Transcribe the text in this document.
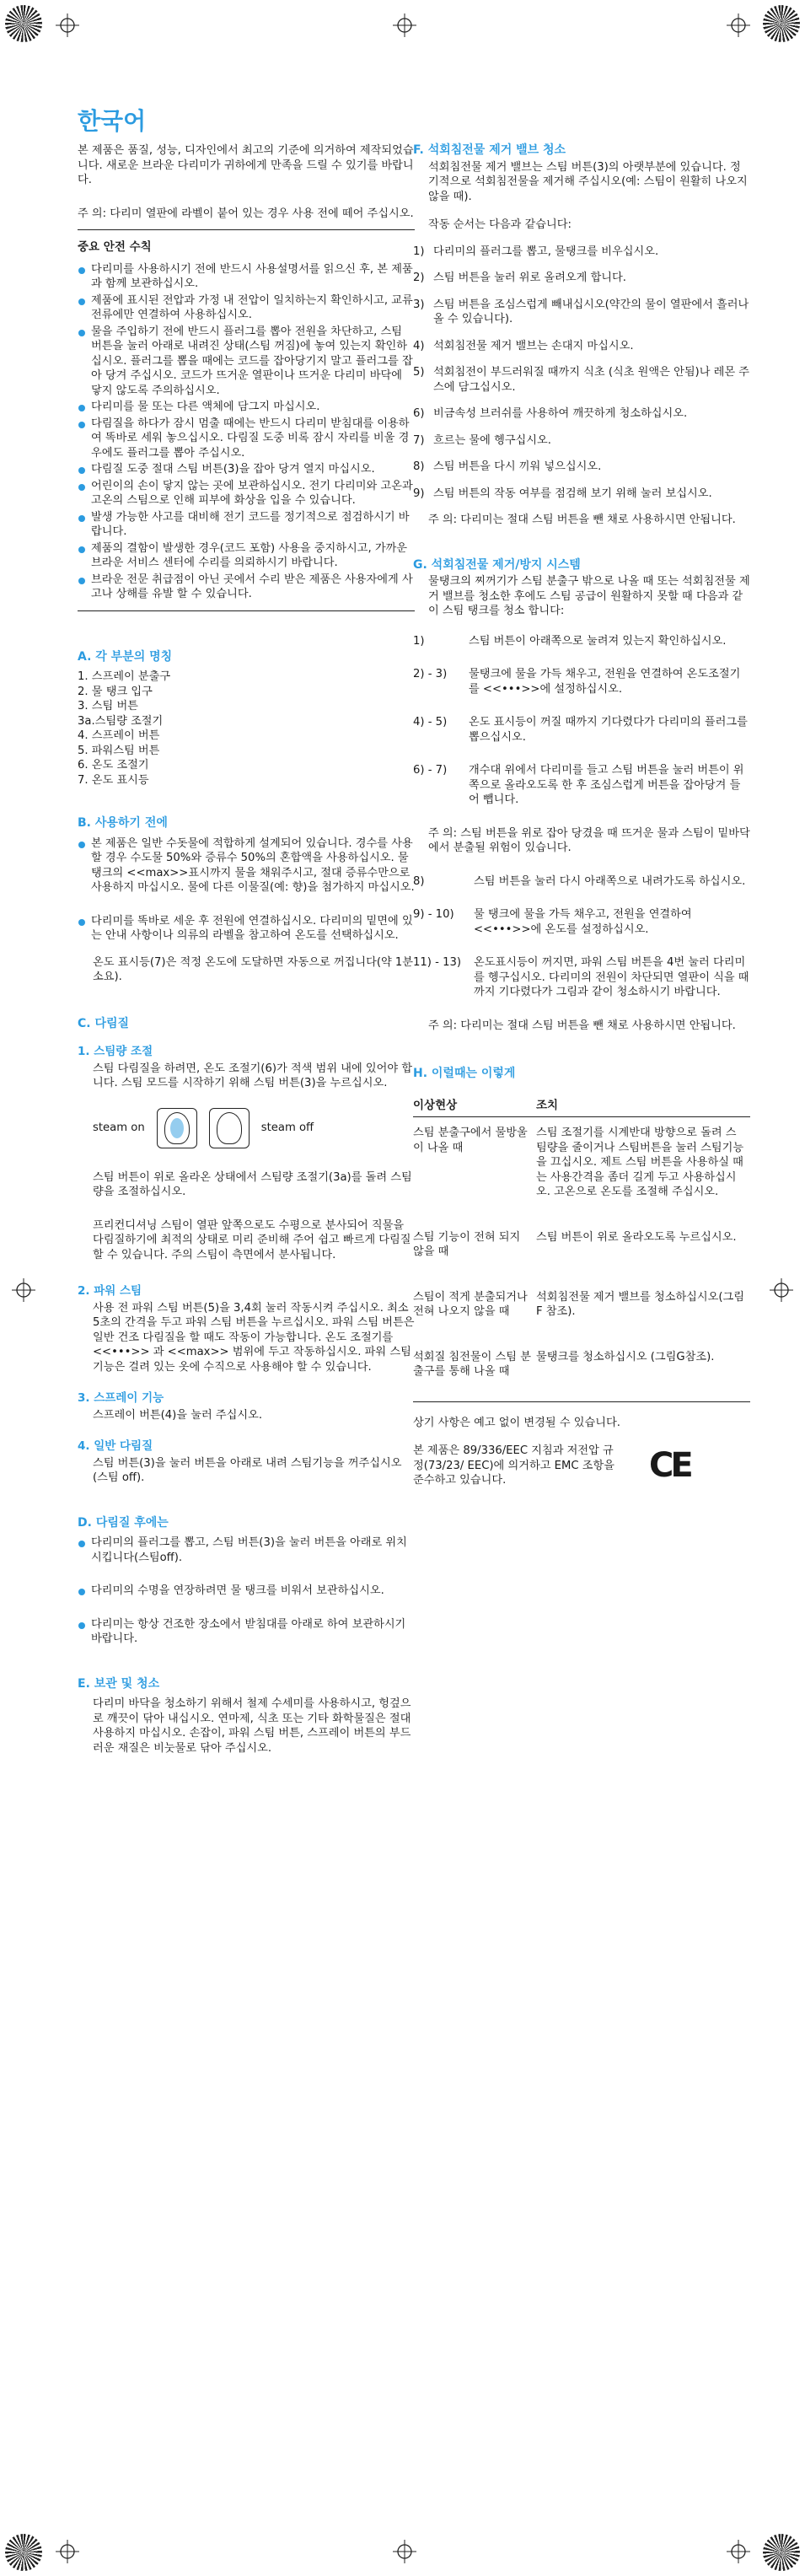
한국어

본 제품은 품질, 성능, 디자인에서 최고의 기준에 의거하여 제작되었습니다. 새로운 브라운 다리미가 귀하에게 만족을 드릴 수 있기를 바랍니다.

주 의: 다리미 열판에 라벨이 붙어 있는 경우 사용 전에 떼어 주십시오.

중요 안전 수칙
다리미를 사용하시기 전에 반드시 사용설명서를 읽으신 후, 본 제품과 함께 보관하십시오.
제품에 표시된 전압과 가정 내 전압이 일치하는지 확인하시고, 교류전류에만 연결하여 사용하십시오.
물을 주입하기 전에 반드시 플러그를 뽑아 전원을 차단하고, 스팀 버튼을 눌러 아래로 내려진 상태(스팀 꺼짐)에 놓여 있는지 확인하십시오. 플러그를 뽑을 때에는 코드를 잡아당기지 말고 플러그를 잡아 당겨 주십시오. 코드가 뜨거운 열판이나 뜨거운 다리미 바닥에 닿지 않도록 주의하십시오.
다리미를 물 또는 다른 액체에 담그지 마십시오.
다림질을 하다가 잠시 멈출 때에는 반드시 다리미 받침대를 이용하여 똑바로 세워 놓으십시오. 다림질 도중 비록 잠시 자리를 비울 경우에도 플러그를 뽑아 주십시오.
다림질 도중 절대 스팀 버튼(3)을 잡아 당겨 열지 마십시오.
어린이의 손이 닿지 않는 곳에 보관하십시오. 전기 다리미와 고온과 고온의 스팀으로 인해 피부에 화상을 입을 수 있습니다.
발생 가능한 사고를 대비해 전기 코드를 정기적으로 점검하시기 바랍니다.
제품의 결함이 발생한 경우(코드 포함) 사용을 중지하시고, 가까운 브라운 서비스 센터에 수리를 의뢰하시기 바랍니다.
브라운 전문 취급점이 아닌 곳에서 수리 받은 제품은 사용자에게 사고나 상해를 유발 할 수 있습니다.
A. 각 부분의 명칭
1. 스프레이 분출구
2. 물 탱크 입구
3. 스팀 버튼
3a.스팀량 조절기
4. 스프레이 버튼
5. 파워스팀 버튼
6. 온도 조절기
7. 온도 표시등
B. 사용하기 전에
본 제품은 일반 수돗물에 적합하게 설계되어 있습니다. 경수를 사용할 경우 수도물 50%와 증류수 50%의 혼합액을 사용하십시오. 물탱크의 <<max>>표시까지 물을 채워주시고, 절대 증류수만으로 사용하지 마십시오. 물에 다른 이물질(예: 향)을 첨가하지 마십시오.
다리미를 똑바로 세운 후 전원에 연결하십시오. 다리미의 밑면에 있는 안내 사항이나 의류의 라벨을 참고하여 온도를 선택하십시오.

온도 표시등(7)은 적정 온도에 도달하면 자동으로 꺼집니다(약 1분 소요).

C. 다림질
1. 스팀량 조절

스팀 다림질을 하려면, 온도 조절기(6)가 적색 범위 내에 있어야 합니다. 스팀 모드를 시작하기 위해 스팀 버튼(3)을 누르십시오.

steam on	steam off

스팀 버튼이 위로 올라온 상태에서 스팀량 조절기(3a)를 돌려 스팀량을 조절하십시오.

프리컨디셔닝 스팀이 열판 앞쪽으로도 수평으로 분사되어 직물을 다림질하기에 최적의 상태로 미리 준비해 주어 쉽고 빠르게 다림질 할 수 있습니다. 주의 스팀이 측면에서 분사됩니다.

2. 파워 스팀

사용 전 파워 스팀 버튼(5)을 3,4회 눌러 작동시켜 주십시오. 최소 5초의 간격을 두고 파워 스팀 버튼을 누르십시오. 파워 스팀 버튼은 일반 건조 다림질을 할 때도 작동이 가능합니다. 온도 조절기를 <<•••>> 과 <<max>> 범위에 두고 작동하십시오. 파워 스팀 기능은 걸려 있는 옷에 수직으로 사용해야 할 수 있습니다.

3. 스프레이 기능

스프레이 버튼(4)을 눌러 주십시오.

4. 일반 다림질

스팀 버튼(3)을 눌러 버튼을 아래로 내려 스팀기능을 꺼주십시오(스팀 off).

D. 다림질 후에는
다리미의 플러그를 뽑고, 스팀 버튼(3)을 눌러 버튼을 아래로 위치시킵니다(스팀off).
다리미의 수명을 연장하려면 물 탱크를 비워서 보관하십시오.
다리미는 항상 건조한 장소에서 받침대를 아래로 하여 보관하시기 바랍니다.
E. 보관 및 청소

다리미 바닥을 청소하기 위해서 철제 수세미를 사용하시고, 헝겊으로 깨끗이 닦아 내십시오. 연마제, 식초 또는 기타 화학물질은 절대 사용하지 마십시오. 손잡이, 파워 스팀 버튼, 스프레이 버튼의 부드러운 재질은 비눗물로 닦아 주십시오.

F. 석회침전물 제거 밸브 청소

석회침전물 제거 밸브는 스팀 버튼(3)의 아랫부분에 있습니다. 정기적으로 석회침전물을 제거해 주십시오(예: 스팀이 원활히 나오지 않을 때).

작동 순서는 다음과 같습니다:

1) 다리미의 플러그를 뽑고, 물탱크를 비우십시오.
2) 스팀 버튼을 눌러 위로 올려오게 합니다.
3) 스팀 버튼을 조심스럽게 빼내십시오(약간의 물이 열판에서 흘러나올 수 있습니다).
4) 석회침전물 제거 밸브는 손대지 마십시오.
5) 석회침전이 부드러워질 때까지 식초 (식초 원액은 안됨)나 레몬 주스에 담그십시오.
6) 비금속성 브러쉬를 사용하여 깨끗하게 청소하십시오.
7) 흐르는 물에 헹구십시오.
8) 스팀 버튼을 다시 끼워 넣으십시오.
9) 스팀 버튼의 작동 여부를 점검해 보기 위해 눌러 보십시오.

주 의: 다리미는 절대 스팀 버튼을 뺀 채로 사용하시면 안됩니다.

G. 석회침전물 제거/방지 시스템

물탱크의 찌꺼기가 스팀 분출구 밖으로 나올 때 또는 석회침전물 제거 밸브를 청소한 후에도 스팀 공급이 원활하지 못할 때 다음과 같이 스팀 탱크를 청소 합니다:

1)	스팀 버튼이 아래쪽으로 눌려져 있는지 확인하십시오.
2) - 3) 물탱크에 물을 가득 채우고, 전원을 연결하여 온도조절기를 <<•••>>에 설정하십시오.
4) - 5) 온도 표시등이 꺼질 때까지 기다렸다가 다리미의 플러그를 뽑으십시오.
6) - 7) 개수대 위에서 다리미를 들고 스팀 버튼을 눌러 버튼이 위쪽으로 올라오도록 한 후 조심스럽게 버튼을 잡아당겨 들어 뺍니다.

주 의: 스팀 버튼을 위로 잡아 당겼을 때 뜨거운 물과 스팀이 밑바닥에서 분출될 위험이 있습니다.

8)	스팀 버튼을 눌러 다시 아래쪽으로 내려가도록 하십시오.
9) - 10) 물 탱크에 물을 가득 채우고, 전원을 연결하여 <<•••>>에 온도를 설정하십시오.
11) - 13) 온도표시등이 꺼지면, 파워 스팀 버튼을 4번 눌러 다리미를 헹구십시오. 다리미의 전원이 차단되면 열판이 식을 때까지 기다렸다가 그림과 같이 청소하시기 바랍니다.

주 의: 다리미는 절대 스팀 버튼을 뺀 채로 사용하시면 안됩니다.

H. 이럴때는 이렇게
이상현상	조치
스팀 분출구에서 물방울이 나올 때	스팀 조절기를 시계반대 방향으로 돌려 스팀량을 줄이거나 스팀버튼을 눌러 스팀기능을 끄십시오. 제트 스팀 버튼을 사용하실 때는 사용간격을 좀더 길게 두고 사용하십시오. 고온으로 온도를 조절해 주십시오.
스팀 기능이 전혀 되지 않을 때	스팀 버튼이 위로 올라오도록 누르십시오.
스팀이 적게 분출되거나 전혀 나오지 않을 때	석회침전물 제거 밸브를 청소하십시오(그림F 참조).
석회질 침전물이 스팀 분출구를 통해 나올 때	물탱크를 청소하십시오 (그림G참조).

상기 사항은 예고 없이 변경될 수 있습니다.

본 제품은 89/336/EEC 지침과 저전압 규정(73/23/ EEC)에 의거하고 EMC 조항을 준수하고 있습니다.	CE
